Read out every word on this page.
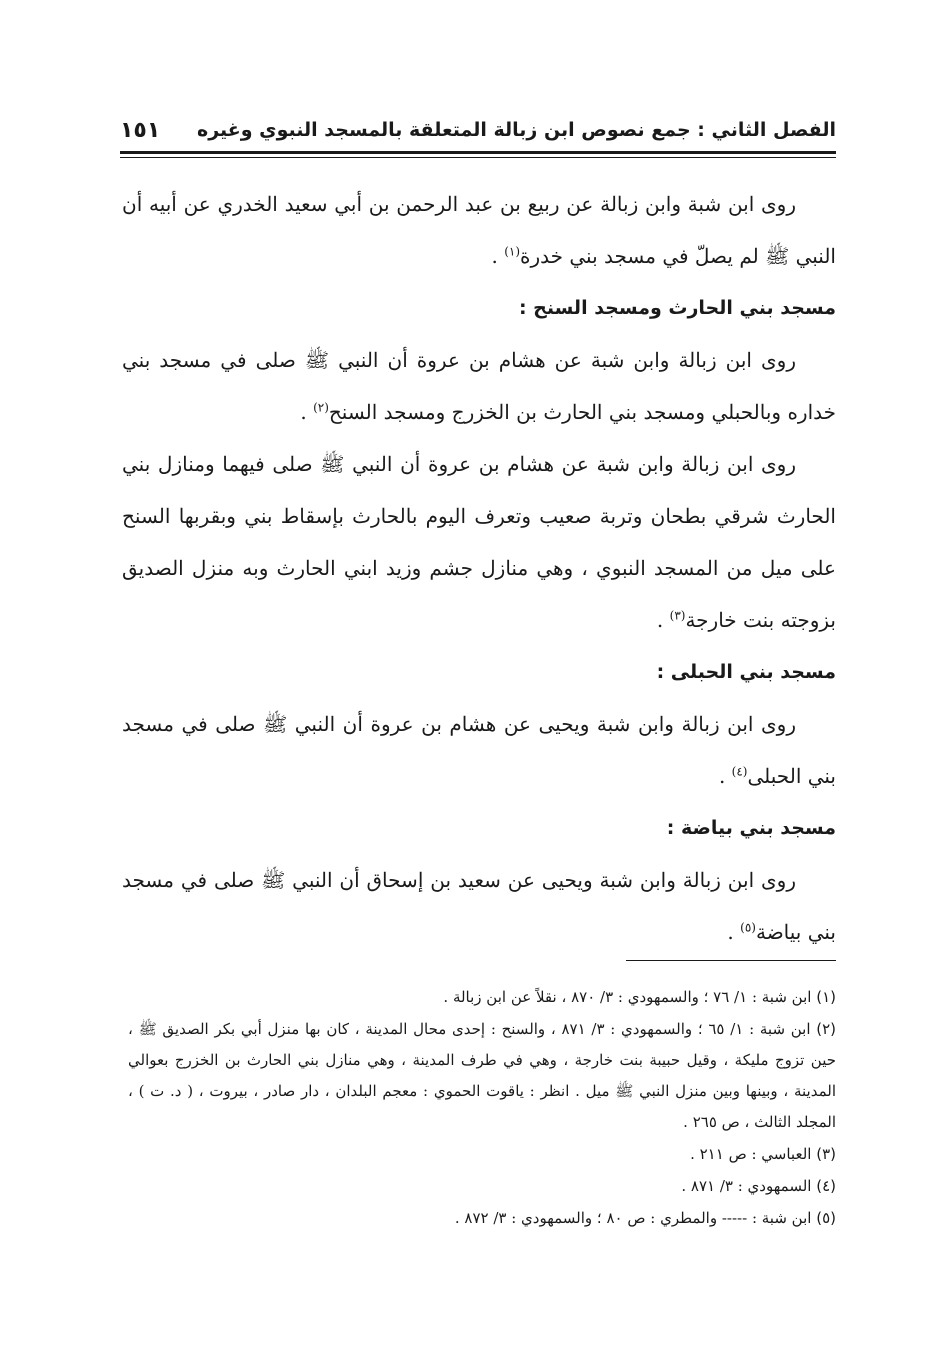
الفصل الثاني : جمع نصوص ابن زبالة المتعلقة بالمسجد النبوي وغيره
١٥١

روى ابن شبة وابن زبالة عن ربيع بن عبد الرحمن بن أبي سعيد الخدري عن أبيه أن النبي ﷺ لم يصلّ في مسجد بني خدرة$^{(١)}$ .

مسجد بني الحارث ومسجد السنح :

روى ابن زبالة وابن شبة عن هشام بن عروة أن النبي ﷺ صلى في مسجد بني خداره وبالحبلي ومسجد بني الحارث بن الخزرج ومسجد السنح$^{(٢)}$ .

روى ابن زبالة وابن شبة عن هشام بن عروة أن النبي ﷺ صلى فيهما ومنازل بني الحارث شرقي بطحان وتربة صعيب وتعرف اليوم بالحارث بإسقاط بني وبقربها السنح على ميل من المسجد النبوي ، وهي منازل جشم وزيد ابني الحارث وبه منزل الصديق بزوجته بنت خارجة$^{(٣)}$ .

مسجد بني الحبلى :

روى ابن زبالة وابن شبة ويحيى عن هشام بن عروة أن النبي ﷺ صلى في مسجد بني الحبلى$^{(٤)}$ .

مسجد بني بياضة :

روى ابن زبالة وابن شبة ويحيى عن سعيد بن إسحاق أن النبي ﷺ صلى في مسجد بني بياضة$^{(٥)}$ .

(١) ابن شبة : ١/ ٧٦ ؛ والسمهودي : ٣/ ٨٧٠ ، نقلاً عن ابن زبالة .

(٢) ابن شبة : ١/ ٦٥ ؛ والسمهودي : ٣/ ٨٧١ ، والسنح : إحدى محال المدينة ، كان بها منزل أبي بكر الصديق ﷺ ، حين تزوج مليكة ، وقيل حبيبة بنت خارجة ، وهي في طرف المدينة ، وهي منازل بني الحارث بن الخزرج بعوالي المدينة ، وبينها وبين منزل النبي ﷺ ميل . انظر : ياقوت الحموي : معجم البلدان ، دار صادر ، بيروت ، ( د. ت ) ، المجلد الثالث ، ص ٢٦٥ .

(٣) العباسي : ص ٢١١ .

(٤) السمهودي : ٣/ ٨٧١ .

(٥) ابن شبة : ----- والمطري : ص ٨٠ ؛ والسمهودي : ٣/ ٨٧٢ .
